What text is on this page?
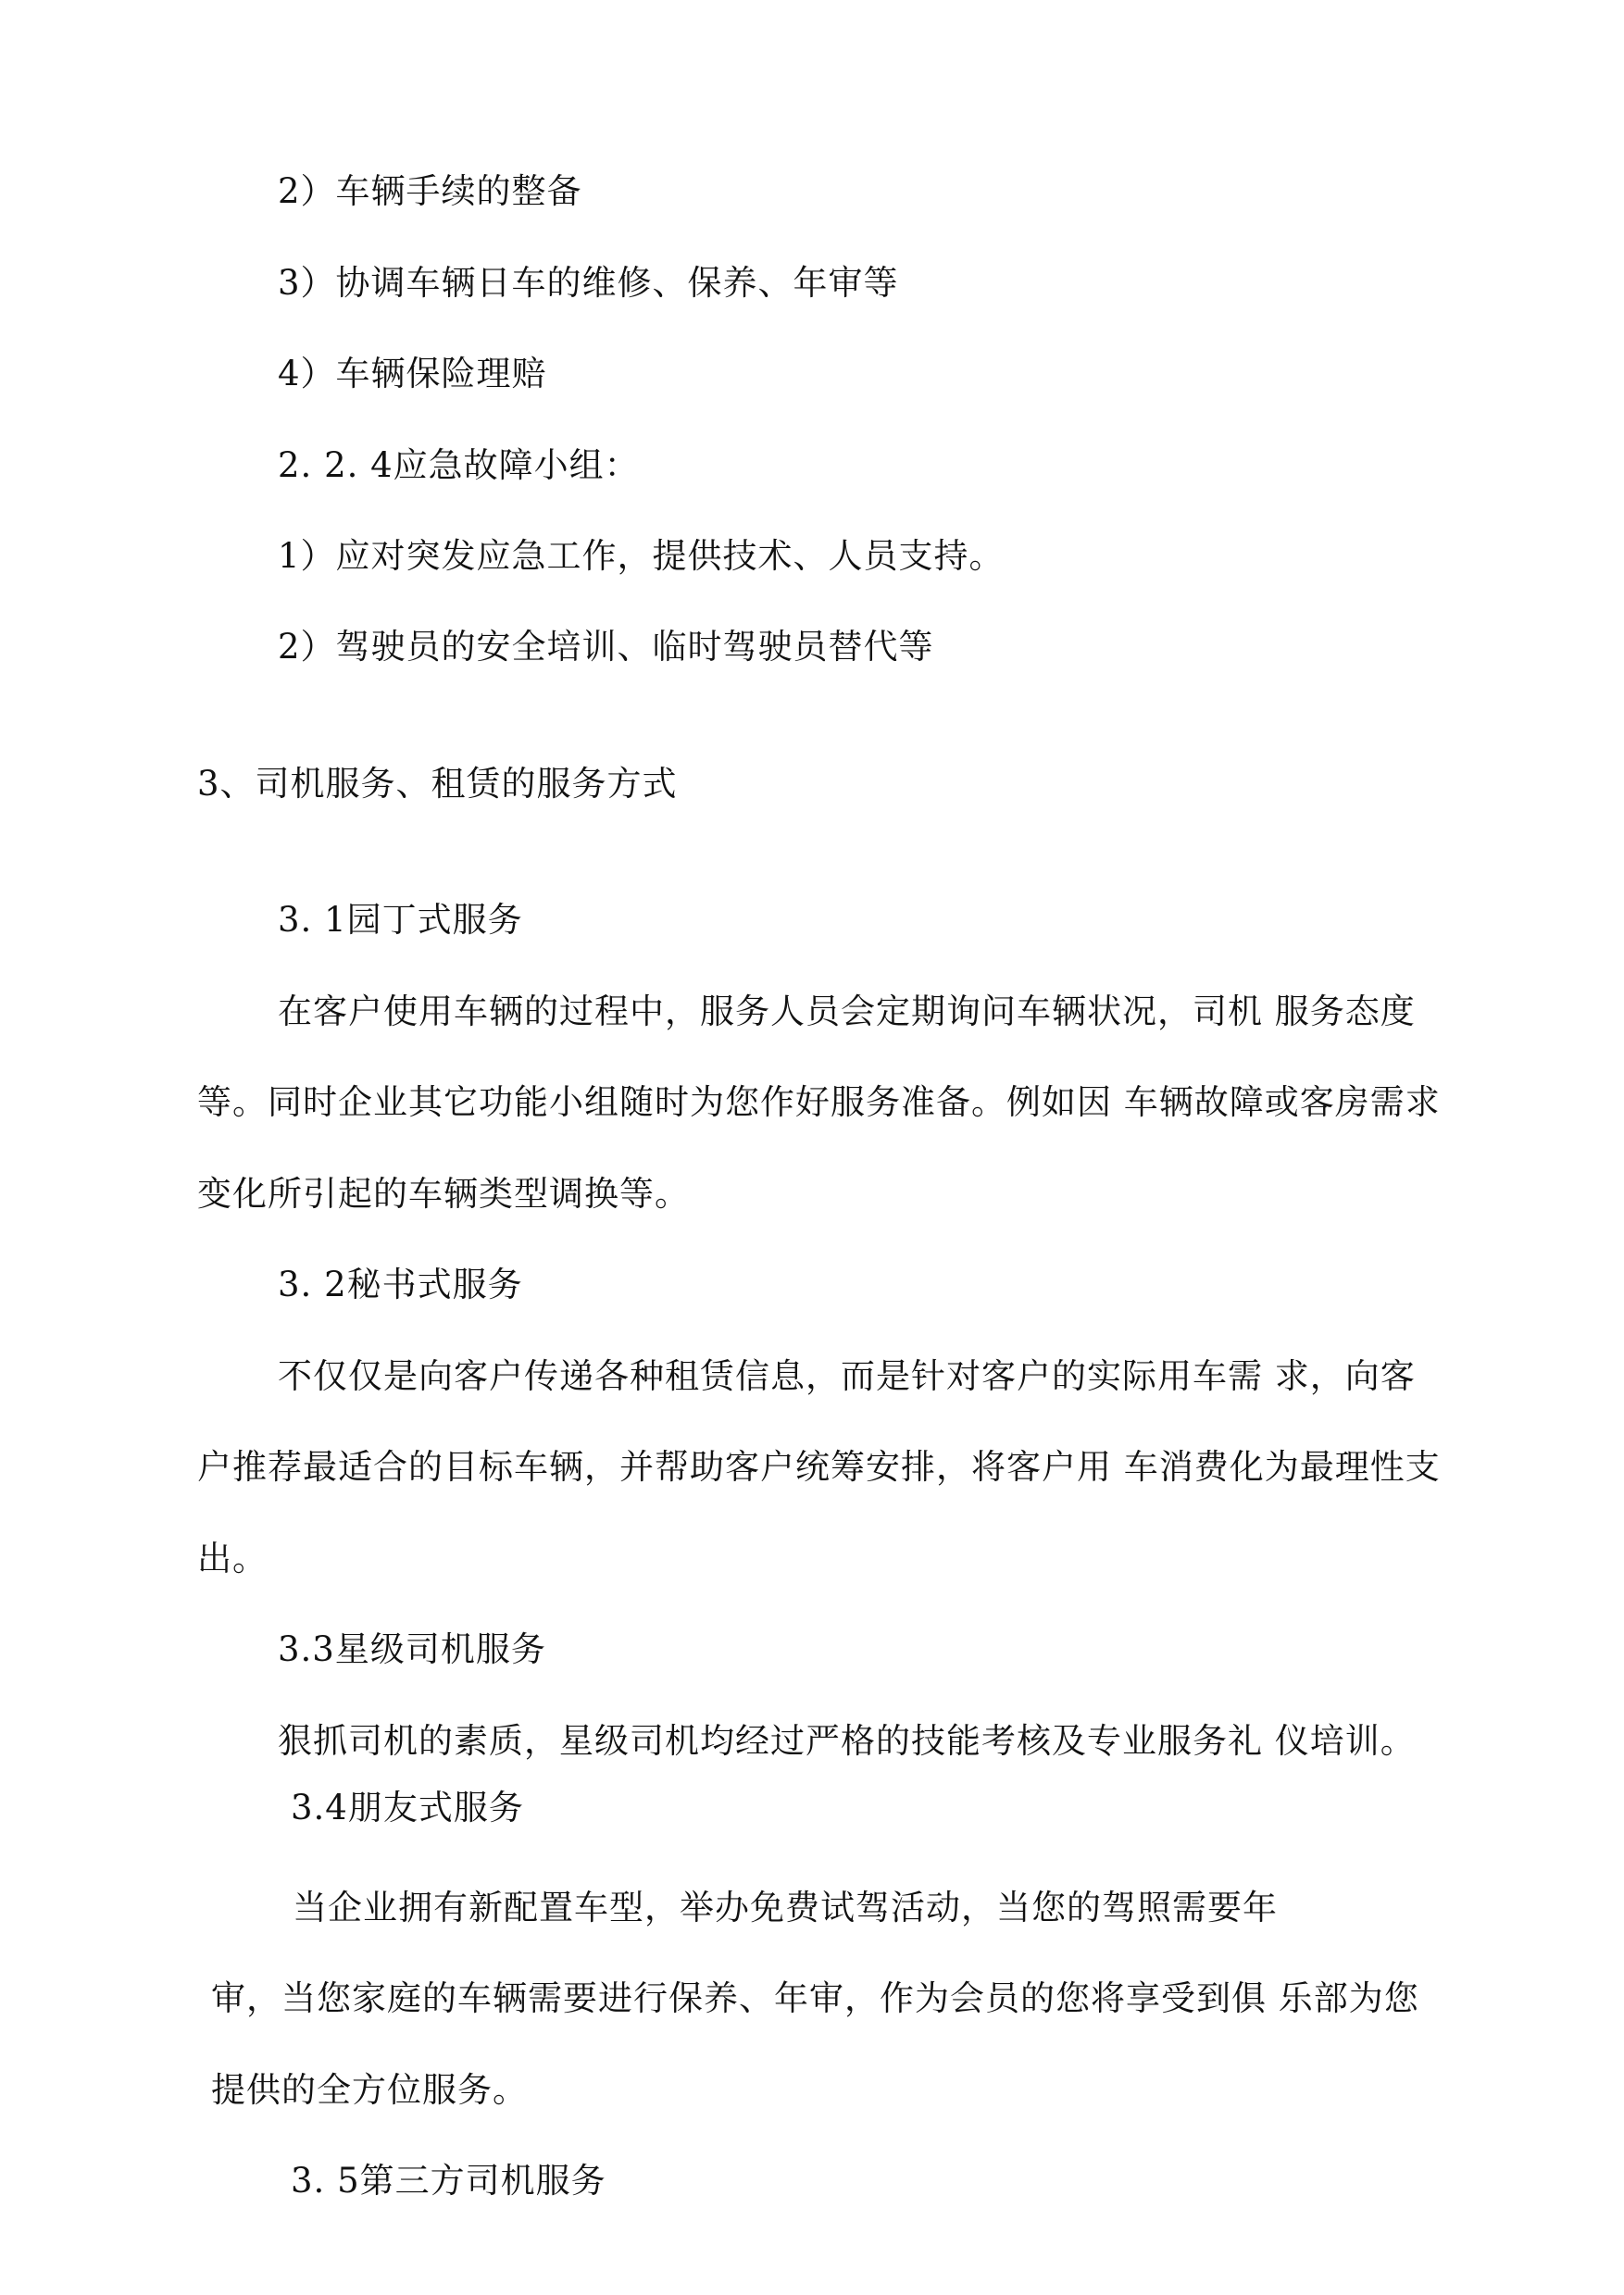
2）车辆手续的整备

3）协调车辆日车的维修、保养、年审等

4）车辆保险理赔

2. 2. 4应急故障小组：

1）应对突发应急工作，提供技术、人员支持。

2）驾驶员的安全培训、临时驾驶员替代等

3、司机服务、租赁的服务方式

3. 1园丁式服务

在客户使用车辆的过程中，服务人员会定期询问车辆状况，司机 服务态度

等。同时企业其它功能小组随时为您作好服务准备。例如因 车辆故障或客房需求

变化所引起的车辆类型调换等。

3. 2秘书式服务

不仅仅是向客户传递各种租赁信息，而是针对客户的实际用车需 求，向客

户推荐最适合的目标车辆，并帮助客户统筹安排，将客户用 车消费化为最理性支

出。

3.3星级司机服务

狠抓司机的素质，星级司机均经过严格的技能考核及专业服务礼 仪培训。

3.4朋友式服务

当企业拥有新配置车型，举办免费试驾活动，当您的驾照需要年

审，当您家庭的车辆需要进行保养、年审，作为会员的您将享受到俱 乐部为您

提供的全方位服务。

3. 5第三方司机服务
